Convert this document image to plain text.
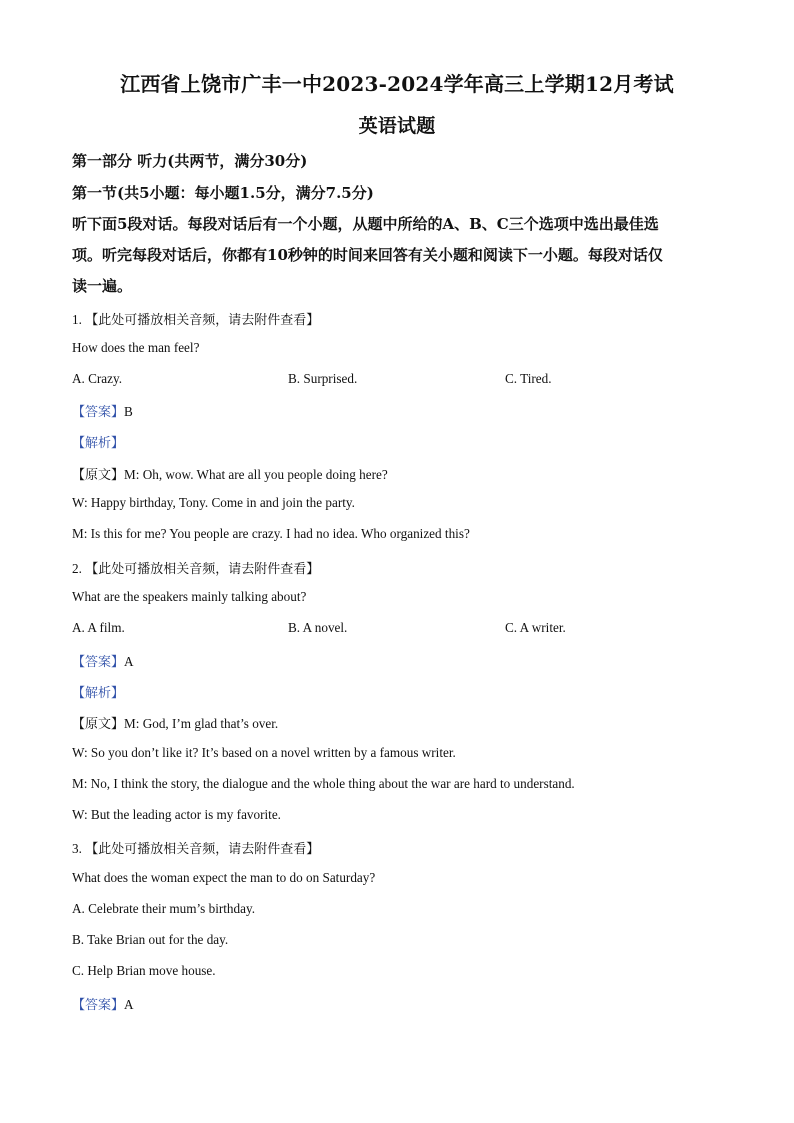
江西省上饶市广丰一中2023-2024学年高三上学期12月考试
英语试题
第一部分 听力(共两节，满分30分)
第一节(共5小题：每小题1.5分，满分7.5分)
听下面5段对话。每段对话后有一个小题，从题中所给的A、B、C三个选项中选出最佳选
项。听完每段对话后，你都有10秒钟的时间来回答有关小题和阅读下一小题。每段对话仅
读一遍。
1. 【此处可播放相关音频，请去附件查看】
How does the man feel?
A. Crazy.	B. Surprised.	C. Tired.
【答案】B
【解析】
【原文】M: Oh, wow. What are all you people doing here?
W: Happy birthday, Tony. Come in and join the party.
M: Is this for me? You people are crazy. I had no idea. Who organized this?
2. 【此处可播放相关音频，请去附件查看】
What are the speakers mainly talking about?
A. A film.	B. A novel.	C. A writer.
【答案】A
【解析】
【原文】M: God, I’m glad that’s over.
W: So you don’t like it? It’s based on a novel written by a famous writer.
M: No, I think the story, the dialogue and the whole thing about the war are hard to understand.
W: But the leading actor is my favorite.
3. 【此处可播放相关音频，请去附件查看】
What does the woman expect the man to do on Saturday?
A. Celebrate their mum’s birthday.
B. Take Brian out for the day.
C. Help Brian move house.
【答案】A
